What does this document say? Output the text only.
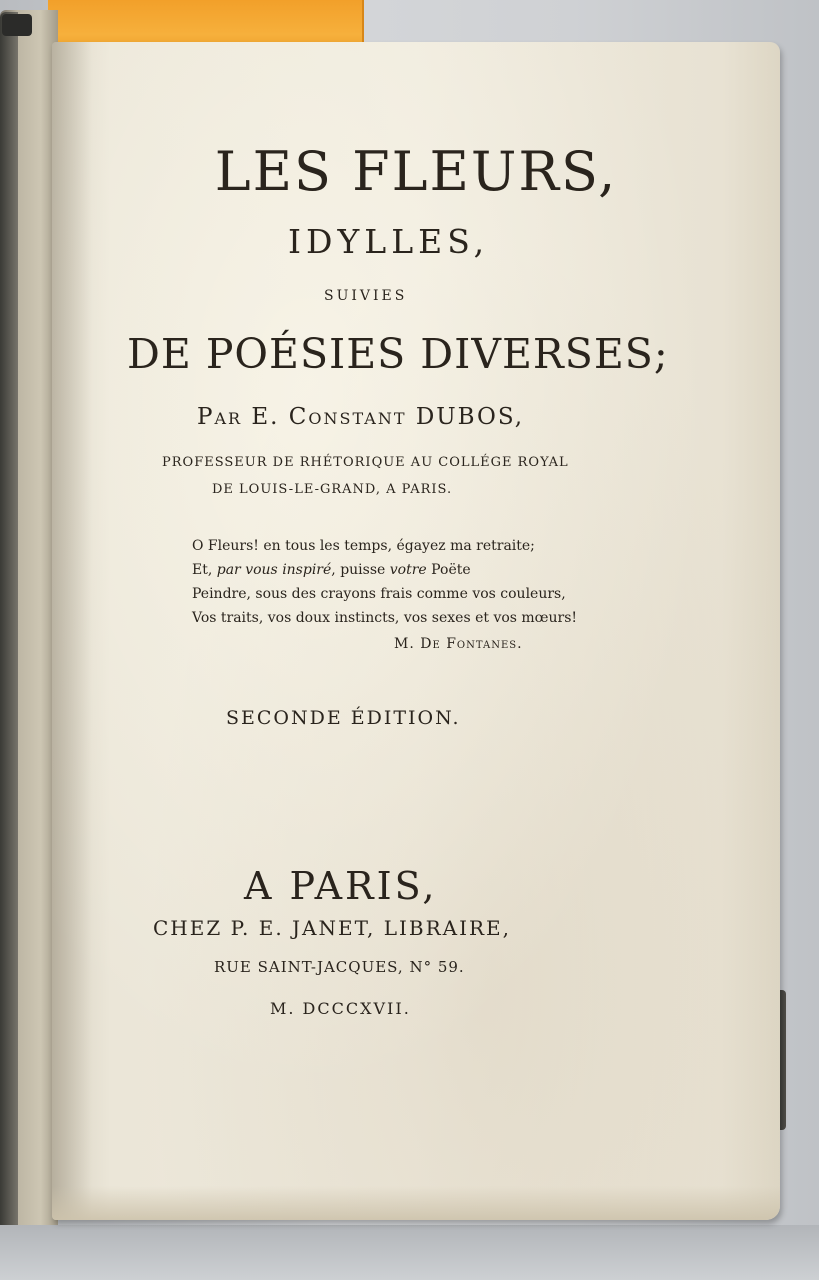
LES FLEURS,
IDYLLES,
SUIVIES
DE POÉSIES DIVERSES;
Par E. Constant DUBOS,
PROFESSEUR DE RHÉTORIQUE AU COLLÉGE ROYAL
DE LOUIS-LE-GRAND, A PARIS.
O Fleurs! en tous les temps, égayez ma retraite;
Et, par vous inspiré, puisse votre Poëte
Peindre, sous des crayons frais comme vos couleurs,
Vos traits, vos doux instincts, vos sexes et vos mœurs!
M. De Fontanes.
SECONDE ÉDITION.
A PARIS,
CHEZ P. E. JANET, LIBRAIRE,
RUE SAINT-JACQUES, N° 59.
M. DCCCXVII.
